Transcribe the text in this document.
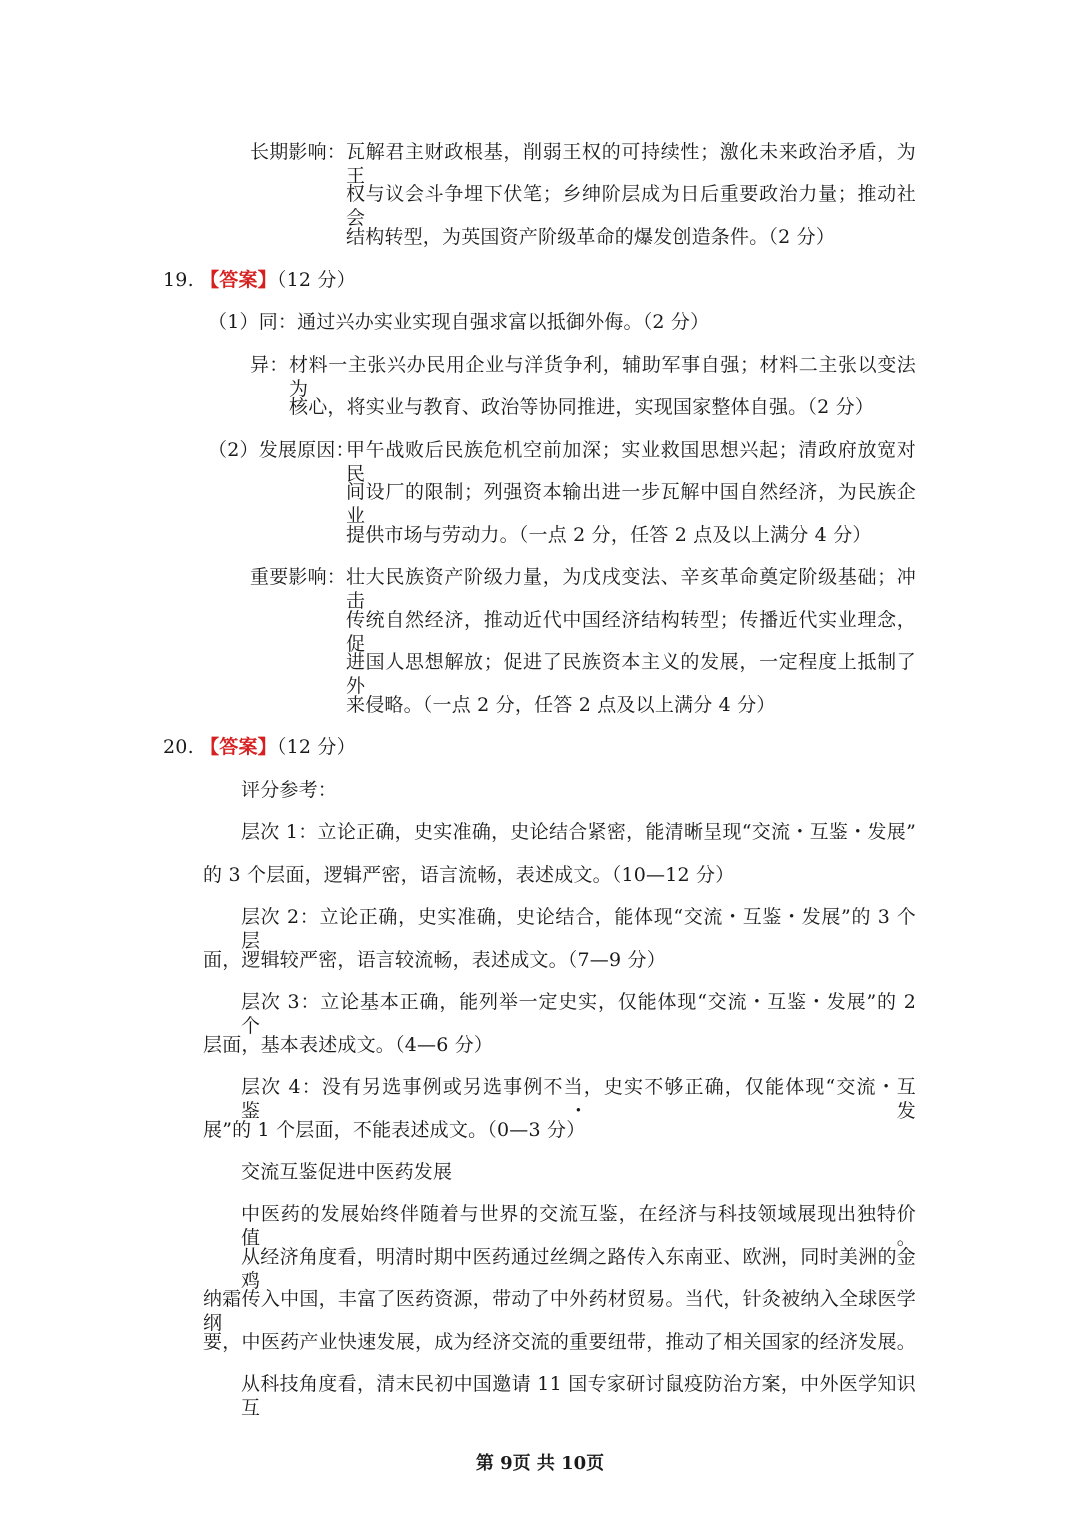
长期影响： 瓦解君主财政根基，削弱王权的可持续性；激化未来政治矛盾，为王
权与议会斗争埋下伏笔；乡绅阶层成为日后重要政治力量；推动社会
结构转型，为英国资产阶级革命的爆发创造条件。（2 分）
19. 【答案】（12 分）
（1）同：通过兴办实业实现自强求富以抵御外侮。（2 分）
异： 材料一主张兴办民用企业与洋货争利，辅助军事自强；材料二主张以变法为
核心，将实业与教育、政治等协同推进，实现国家整体自强。（2 分）
（2）发展原因：
甲午战败后民族危机空前加深；实业救国思想兴起；清政府放宽对民
间设厂的限制；列强资本输出进一步瓦解中国自然经济，为民族企业
提供市场与劳动力。（一点 2 分，任答 2 点及以上满分 4 分）
重要影响： 壮大民族资产阶级力量，为戊戌变法、辛亥革命奠定阶级基础；冲击
传统自然经济，推动近代中国经济结构转型；传播近代实业理念，促
进国人思想解放；促进了民族资本主义的发展，一定程度上抵制了外
来侵略。（一点 2 分，任答 2 点及以上满分 4 分）
20. 【答案】（12 分）
评分参考：
层次 1：立论正确，史实准确，史论结合紧密，能清晰呈现“交流・互鉴・发展”
的 3 个层面，逻辑严密，语言流畅，表述成文。（10—12 分）
层次 2：立论正确，史实准确，史论结合，能体现“交流・互鉴・发展”的 3 个层
面，逻辑较严密，语言较流畅，表述成文。（7—9 分）
层次 3：立论基本正确，能列举一定史实，仅能体现“交流・互鉴・发展”的 2 个
层面，基本表述成文。（4—6 分）
层次 4：没有另选事例或另选事例不当，史实不够正确，仅能体现“交流・互鉴・发
展”的 1 个层面，不能表述成文。（0—3 分）
交流互鉴促进中医药发展
中医药的发展始终伴随着与世界的交流互鉴，在经济与科技领域展现出独特价值。
从经济角度看，明清时期中医药通过丝绸之路传入东南亚、欧洲，同时美洲的金鸡
纳霜传入中国，丰富了医药资源，带动了中外药材贸易。当代，针灸被纳入全球医学纲
要，中医药产业快速发展，成为经济交流的重要纽带，推动了相关国家的经济发展。
从科技角度看，清末民初中国邀请 11 国专家研讨鼠疫防治方案，中外医学知识互
第 9页 共 10页
